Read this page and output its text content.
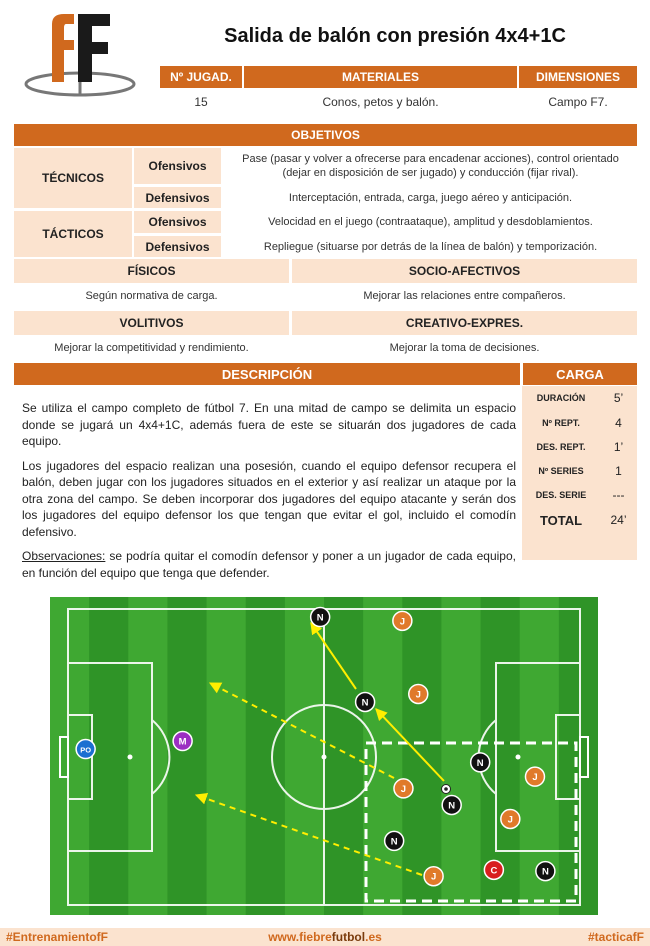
Salida de balón con presión 4x4+1C
Nº JUGAD.	MATERIALES	DIMENSIONES
15	Conos, petos y balón.	Campo F7.
OBJETIVOS
TÉCNICOS
Ofensivos	Pase (pasar y volver a ofrecerse para encadenar acciones), control orientado (dejar en disposición de ser jugado) y conducción (fijar rival).
Defensivos	Interceptación, entrada, carga, juego aéreo y anticipación.
TÁCTICOS
Ofensivos	Velocidad en el juego (contraataque), amplitud y desdoblamientos.
Defensivos	Repliegue (situarse por detrás de la línea de balón) y temporización.
FÍSICOS	SOCIO-AFECTIVOS
Según normativa de carga.	Mejorar las relaciones entre compañeros.
VOLITIVOS	CREATIVO-EXPRES.
Mejorar la competitividad y rendimiento.	Mejorar la toma de decisiones.
DESCRIPCIÓN	CARGA

Se utiliza el campo completo de fútbol 7. En una mitad de campo se delimita un espacio donde se jugará un 4x4+1C, además fuera de este se situarán dos jugadores de cada equipo.

Los jugadores del espacio realizan una posesión, cuando el equipo defensor recupera el balón, deben jugar con los jugadores situados en el exterior y así realizar un ataque por la otra zona del campo. Se deben incorporar dos jugadores del equipo atacante y serán dos los jugadores del equipo defensor los que tengan que evitar el gol, incluido el comodín defensivo.

Observaciones: se podría quitar el comodín defensor y poner a un jugador de cada equipo, en función del equipo que tenga que defender.

DURACIÓN	5’
Nº REPT.	4
DES. REPT.	1’
Nº SERIES	1
DES. SERIE	---
TOTAL	24’
N	J
J
N
PO
M
N
J
J
N
J
N
C	N
J
#EntrenamientofF	www.fiebrefutbol.es	#tacticafF
